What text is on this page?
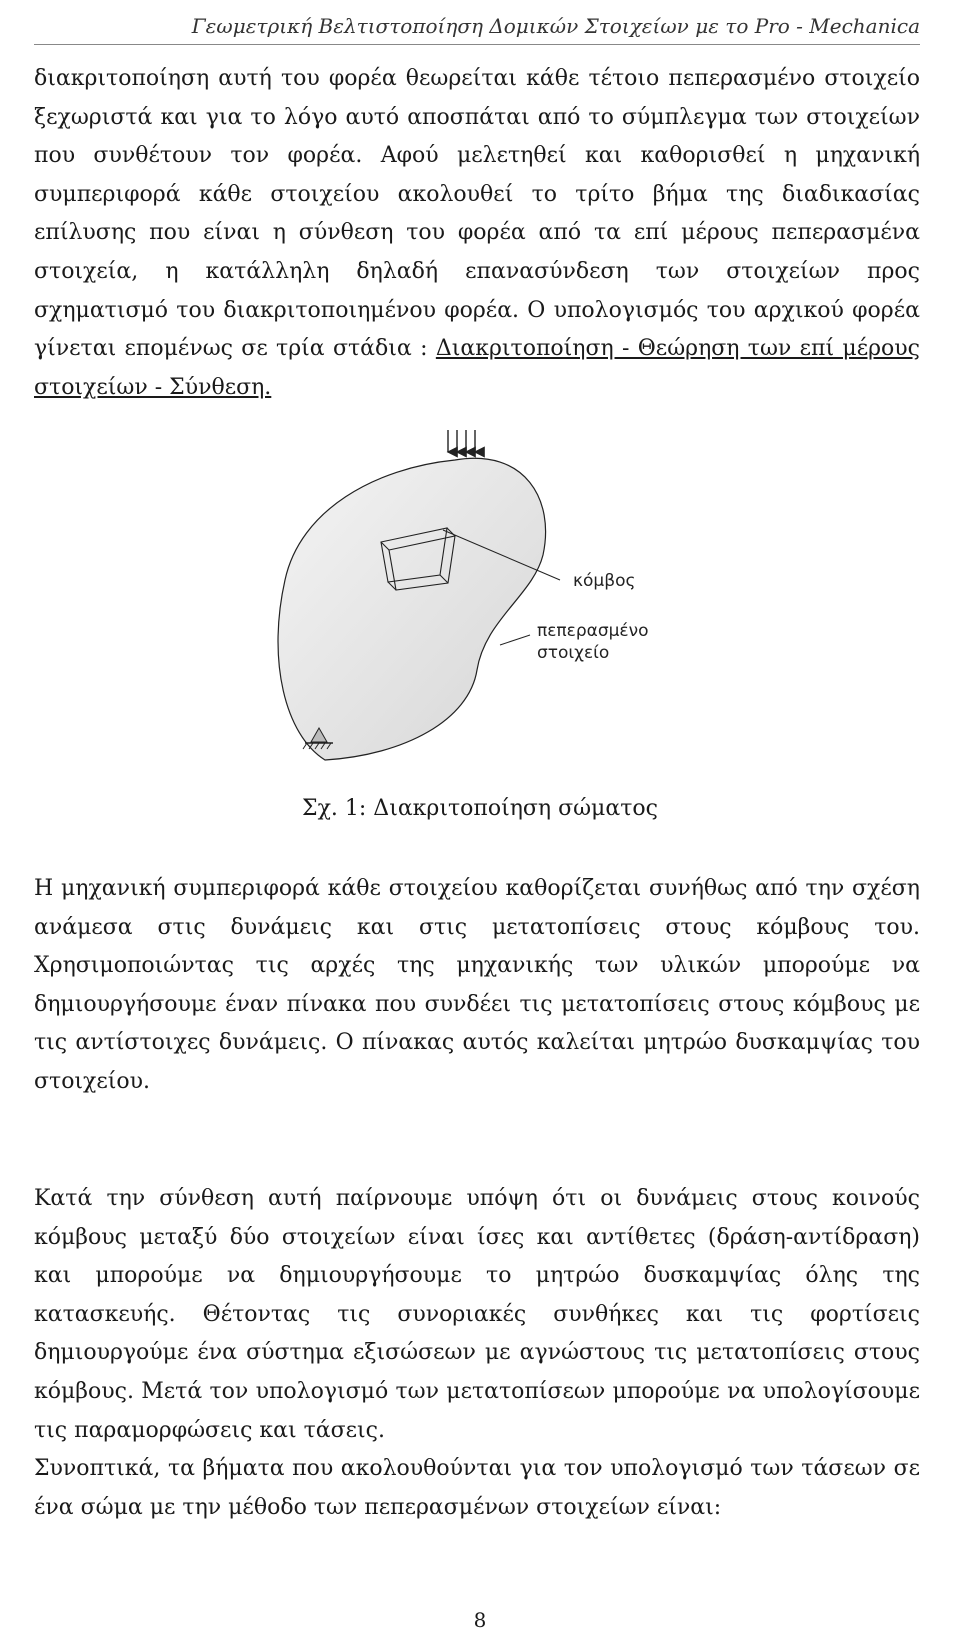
Γεωμετρική Βελτιστοποίηση Δομικών Στοιχείων με το Pro - Mechanica

διακριτοποίηση αυτή του φορέα θεωρείται κάθε τέτοιο πεπερασμένο στοιχείο ξεχωριστά και για το λόγο αυτό αποσπάται από το σύμπλεγμα των στοιχείων που συνθέτουν τον φορέα. Αφού μελετηθεί και καθορισθεί η μηχανική συμπεριφορά κάθε στοιχείου ακολουθεί το τρίτο βήμα της διαδικασίας επίλυσης που είναι η σύνθεση του φορέα από τα επί μέρους πεπερασμένα στοιχεία, η κατάλληλη δηλαδή επανασύνδεση των στοιχείων προς σχηματισμό του διακριτοποιημένου φορέα. Ο υπολογισμός του αρχικού φορέα γίνεται επομένως σε τρία στάδια : Διακριτοποίηση - Θεώρηση των επί μέρους στοιχείων - Σύνθεση.

κόμβος
πεπερασμένο
στοιχείο
Σχ. 1: Διακριτοποίηση σώματος

Η μηχανική συμπεριφορά κάθε στοιχείου καθορίζεται συνήθως από την σχέση ανάμεσα στις δυνάμεις και στις μετατοπίσεις στους κόμβους του. Χρησιμοποιώντας τις αρχές της μηχανικής των υλικών μπορούμε να δημιουργήσουμε έναν πίνακα που συνδέει τις μετατοπίσεις στους κόμβους με τις αντίστοιχες δυνάμεις. Ο πίνακας αυτός καλείται μητρώο δυσκαμψίας του στοιχείου.

Κατά την σύνθεση αυτή παίρνουμε υπόψη ότι οι δυνάμεις στους κοινούς κόμβους μεταξύ δύο στοιχείων είναι ίσες και αντίθετες (δράση-αντίδραση) και μπορούμε να δημιουργήσουμε το μητρώο δυσκαμψίας όλης της κατασκευής. Θέτοντας τις συνοριακές συνθήκες και τις φορτίσεις δημιουργούμε ένα σύστημα εξισώσεων με αγνώστους τις μετατοπίσεις στους κόμβους. Μετά τον υπολογισμό των μετατοπίσεων μπορούμε να υπολογίσουμε τις παραμορφώσεις και τάσεις.

Συνοπτικά, τα βήματα που ακολουθούνται για τον υπολογισμό των τάσεων σε ένα σώμα με την μέθοδο των πεπερασμένων στοιχείων είναι:

8
